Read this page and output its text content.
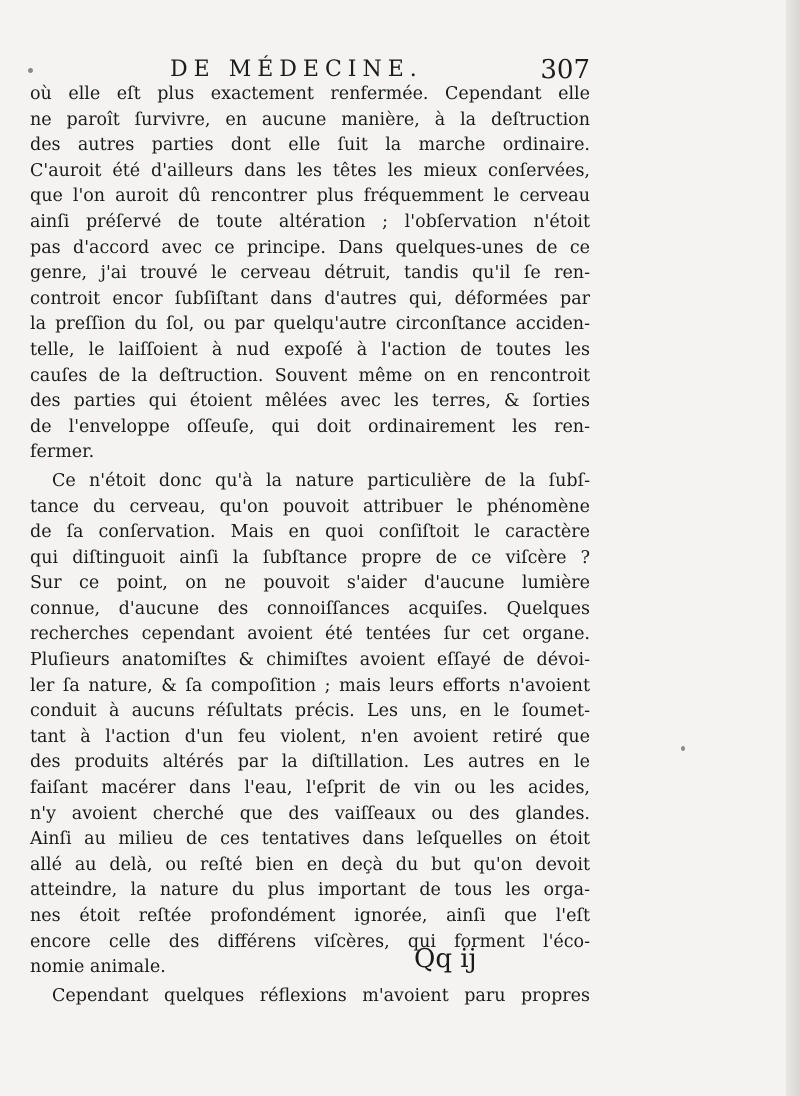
DE MÉDECINE.	307
où elle eſt plus exactement renfermée. Cependant elle
ne paroît ſurvivre, en aucune manière, à la deſtruction
des autres parties dont elle ſuit la marche ordinaire.
C'auroit été d'ailleurs dans les têtes les mieux conſervées,
que l'on auroit dû rencontrer plus fréquemment le cerveau
ainſi préſervé de toute altération ; l'obſervation n'étoit
pas d'accord avec ce principe. Dans quelques-unes de ce
genre, j'ai trouvé le cerveau détruit, tandis qu'il ſe ren-
controit encor ſubſiſtant dans d'autres qui, déformées par
la preſſion du ſol, ou par quelqu'autre circonſtance acciden-
telle, le laiſſoient à nud expoſé à l'action de toutes les
cauſes de la deſtruction. Souvent même on en rencontroit
des parties qui étoient mêlées avec les terres, & ſorties
de l'enveloppe oſſeuſe, qui doit ordinairement les ren-
fermer.
Ce n'étoit donc qu'à la nature particulière de la ſubſ-
tance du cerveau, qu'on pouvoit attribuer le phénomène
de ſa conſervation. Mais en quoi conſiſtoit le caractère
qui diſtinguoit ainſi la ſubſtance propre de ce viſcère ?
Sur ce point, on ne pouvoit s'aider d'aucune lumière
connue, d'aucune des connoiſſances acquiſes. Quelques
recherches cependant avoient été tentées ſur cet organe.
Pluſieurs anatomiſtes & chimiſtes avoient eſſayé de dévoi-
ler ſa nature, & ſa compoſition ; mais leurs efforts n'avoient
conduit à aucuns réſultats précis. Les uns, en le ſoumet-
tant à l'action d'un feu violent, n'en avoient retiré que
des produits altérés par la diſtillation. Les autres en le
faiſant macérer dans l'eau, l'eſprit de vin ou les acides,
n'y avoient cherché que des vaiſſeaux ou des glandes.
Ainſi au milieu de ces tentatives dans leſquelles on étoit
allé au delà, ou reſté bien en deçà du but qu'on devoit
atteindre, la nature du plus important de tous les orga-
nes étoit reſtée profondément ignorée, ainſi que l'eſt
encore celle des différens viſcères, qui forment l'éco-
nomie animale.
Cependant quelques réflexions m'avoient paru propres
Qq ij
